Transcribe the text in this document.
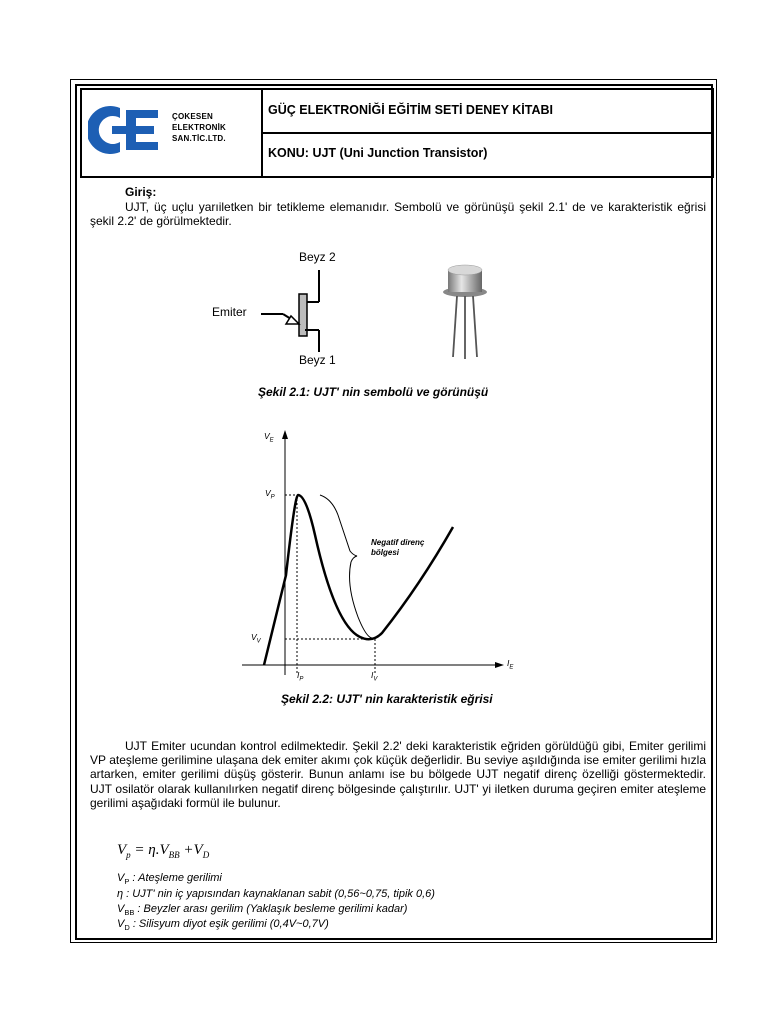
ÇOKESEN
ELEKTRONİK
SAN.TİC.LTD.
GÜÇ ELEKTRONİĞİ EĞİTİM SETİ DENEY KİTABI
KONU: UJT (Uni Junction Transistor)
Giriş:
UJT, üç uçlu yarıiletken bir tetikleme elemanıdır. Sembolü ve görünüşü şekil 2.1' de ve karakteristik eğrisi şekil 2.2' de görülmektedir.
Beyz 2
Emiter
Beyz 1
Şekil 2.1: UJT' nin sembolü ve görünüşü
$V_E$
$I_E$
$V_P$
$V_V$
$I_P$	$I_V$
Negatif direnç
bölgesi
Şekil 2.2: UJT' nin karakteristik eğrisi
UJT Emiter ucundan kontrol edilmektedir. Şekil 2.2' deki karakteristik eğriden görüldüğü gibi, Emiter gerilimi VP ateşleme gerilimine ulaşana dek emiter akımı çok küçük değerlidir. Bu seviye aşıldığında ise emiter gerilimi hızla artarken, emiter gerilimi düşüş gösterir. Bunun anlamı ise bu bölgede UJT negatif direnç özelliği göstermektedir. UJT osilatör olarak kullanılırken negatif direnç bölgesinde çalıştırılır. UJT' yi iletken duruma geçiren emiter ateşleme gerilimi aşağıdaki formül ile bulunur.
$V_p = \eta.V_{BB} +V_D$
$V_P$ : Ateşleme gerilimi
η : UJT' nin iç yapısından kaynaklanan sabit (0,56~0,75, tipik 0,6)
$V_{BB}$ : Beyzler arası gerilim (Yaklaşık besleme gerilimi kadar)
$V_D$ : Silisyum diyot eşik gerilimi (0,4V~0,7V)
